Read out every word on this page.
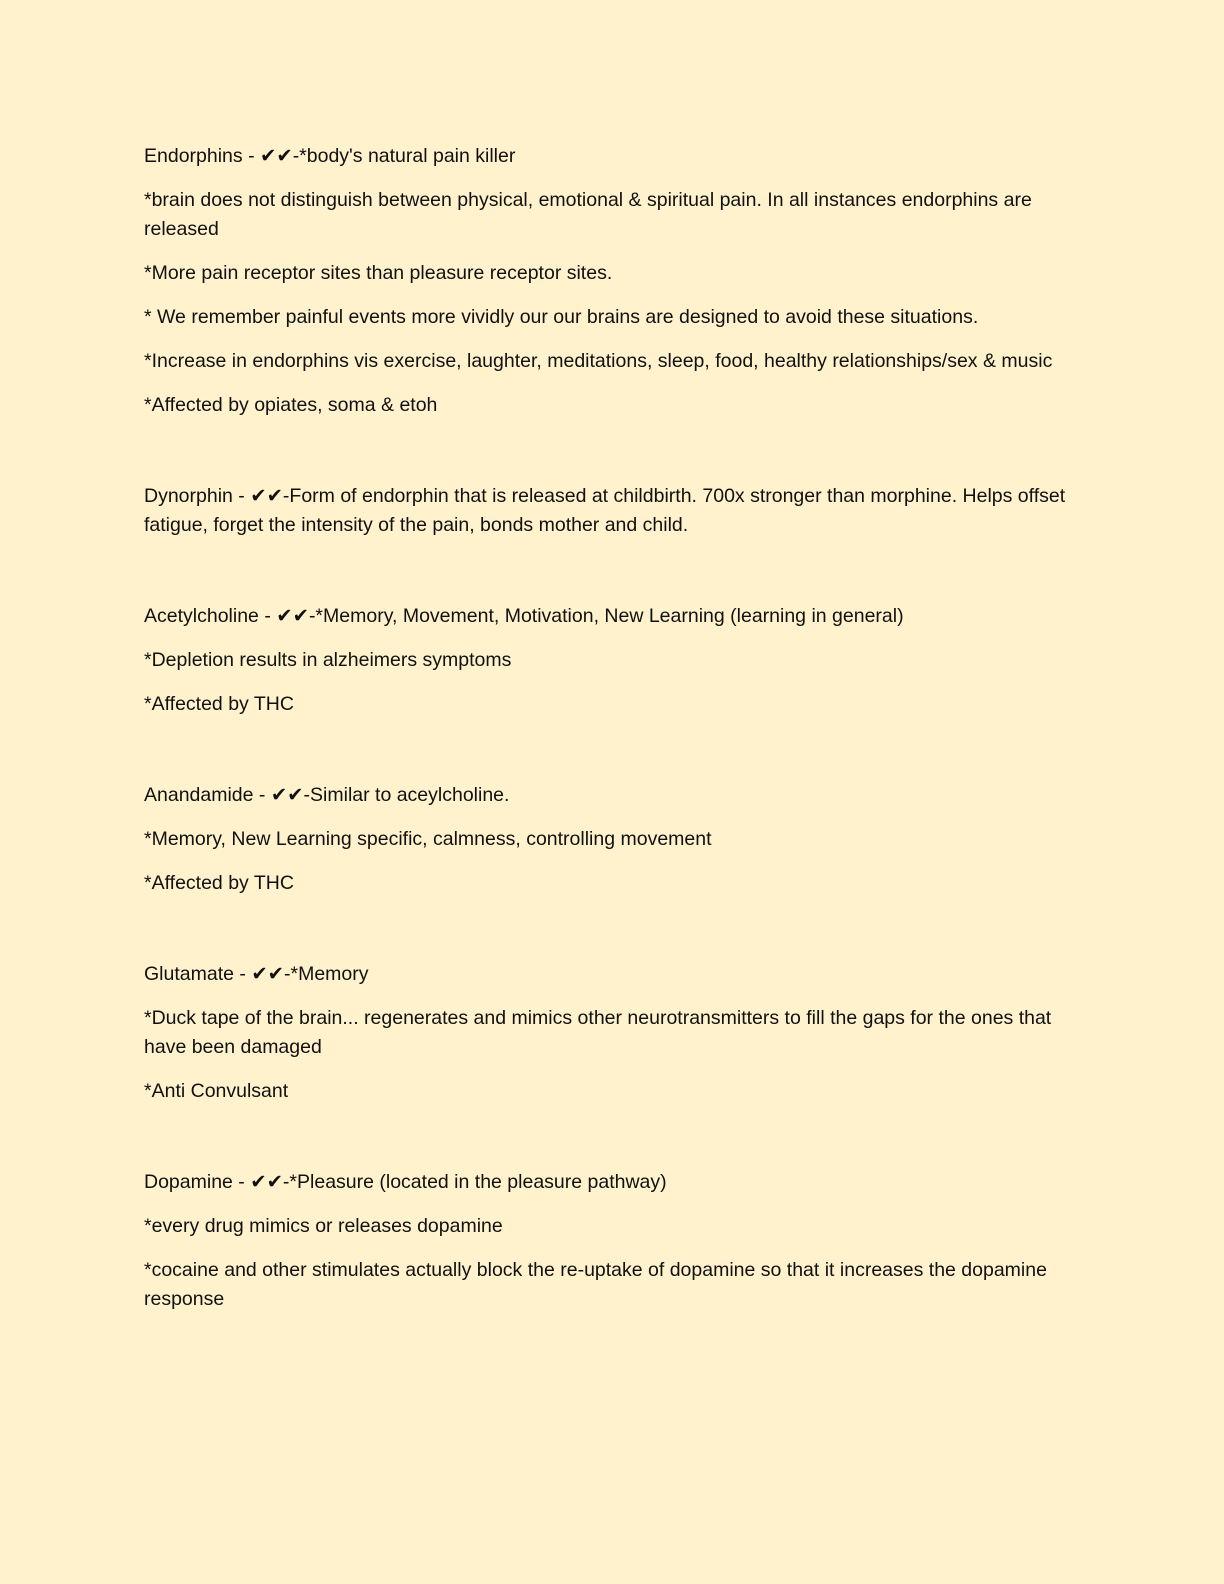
Endorphins - ✔✔-*body's natural pain killer

*brain does not distinguish between physical, emotional & spiritual pain. In all instances endorphins are released

*More pain receptor sites than pleasure receptor sites.

* We remember painful events more vividly our our brains are designed to avoid these situations.

*Increase in endorphins vis exercise, laughter, meditations, sleep, food, healthy relationships/sex & music

*Affected by opiates, soma & etoh

Dynorphin - ✔✔-Form of endorphin that is released at childbirth. 700x stronger than morphine. Helps offset fatigue, forget the intensity of the pain, bonds mother and child.

Acetylcholine - ✔✔-*Memory, Movement, Motivation, New Learning (learning in general)

*Depletion results in alzheimers symptoms

*Affected by THC

Anandamide - ✔✔-Similar to aceylcholine.

*Memory, New Learning specific, calmness, controlling movement

*Affected by THC

Glutamate - ✔✔-*Memory

*Duck tape of the brain... regenerates and mimics other neurotransmitters to fill the gaps for the ones that have been damaged

*Anti Convulsant

Dopamine - ✔✔-*Pleasure (located in the pleasure pathway)

*every drug mimics or releases dopamine

*cocaine and other stimulates actually block the re-uptake of dopamine so that it increases the dopamine response
